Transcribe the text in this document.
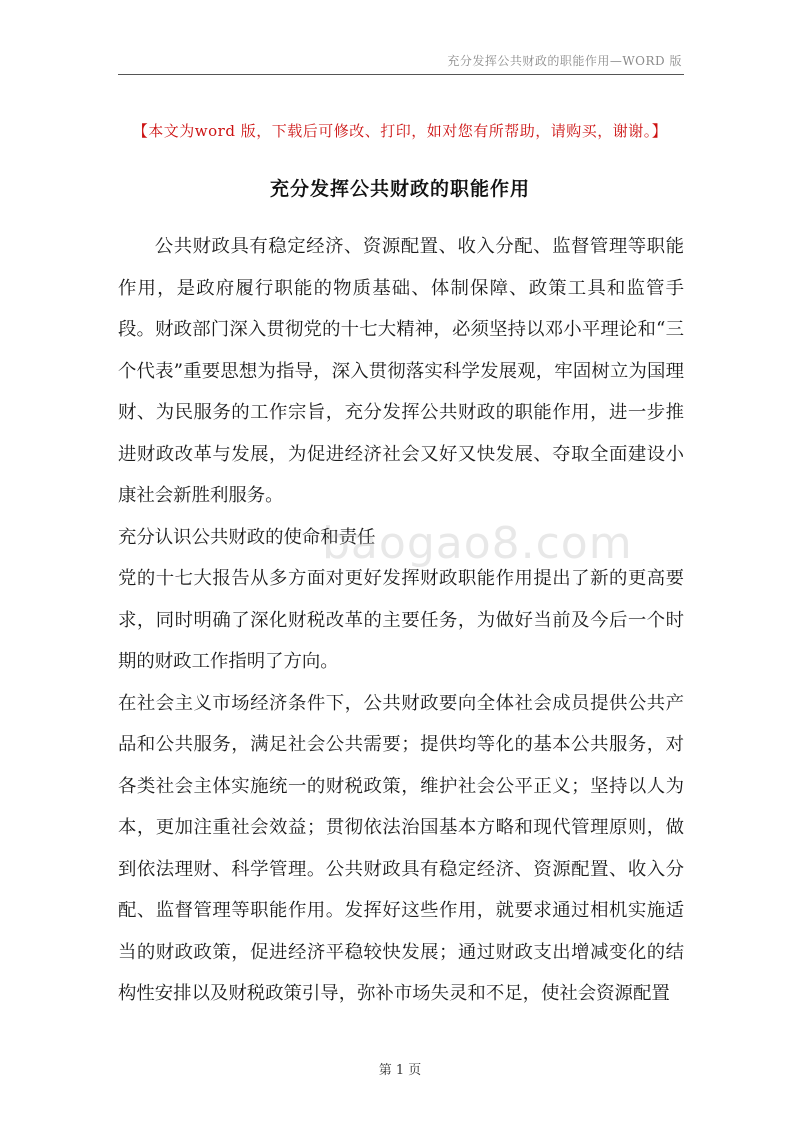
充分发挥公共财政的职能作用—WORD 版
【本文为word 版，下载后可修改、打印，如对您有所帮助，请购买，谢谢。】
充分发挥公共财政的职能作用

公共财政具有稳定经济、资源配置、收入分配、监督管理等职能作用，是政府履行职能的物质基础、体制保障、政策工具和监管手段。财政部门深入贯彻党的十七大精神，必须坚持以邓小平理论和“三个代表”重要思想为指导，深入贯彻落实科学发展观，牢固树立为国理财、为民服务的工作宗旨，充分发挥公共财政的职能作用，进一步推进财政改革与发展，为促进经济社会又好又快发展、夺取全面建设小康社会新胜利服务。

充分认识公共财政的使命和责任

党的十七大报告从多方面对更好发挥财政职能作用提出了新的更高要求，同时明确了深化财税改革的主要任务，为做好当前及今后一个时期的财政工作指明了方向。

在社会主义市场经济条件下，公共财政要向全体社会成员提供公共产品和公共服务，满足社会公共需要；提供均等化的基本公共服务，对各类社会主体实施统一的财税政策，维护社会公平正义；坚持以人为本，更加注重社会效益；贯彻依法治国基本方略和现代管理原则，做到依法理财、科学管理。公共财政具有稳定经济、资源配置、收入分配、监督管理等职能作用。发挥好这些作用，就要求通过相机实施适当的财政政策，促进经济平稳较快发展；通过财政支出增减变化的结构性安排以及财税政策引导，弥补市场失灵和不足，使社会资源配置

baogao8.com
第 1 页
